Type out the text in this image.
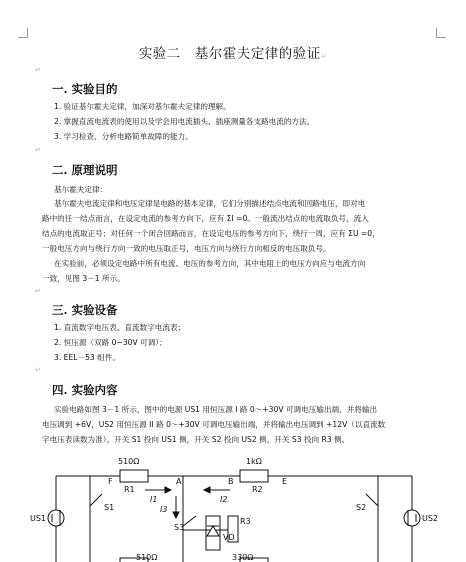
实验二　基尔霍夫定律的验证↵
↵
一. 实验目的
1. 验证基尔霍夫定律，加深对基尔霍夫定律的理解。
2. 掌握直流电流表的使用以及学会用电流插头、插座测量各支路电流的方法。
3. 学习检查、分析电路简单故障的能力。
↵
二. 原理说明
基尔霍夫定律：
基尔霍夫电流定律和电压定律是电路的基本定律，它们分别描述结点电流和回路电压，即对电
路中的任一结点而言，在设定电流的参考方向下，应有 ΣI =0。一般流出结点的电流取负号，流入
结点的电流取正号；对任何一个闭合回路而言，在设定电压的参考方向下，绕行一周，应有 ΣU =0，
一般电压方向与绕行方向一致的电压取正号，电压方向与绕行方向相反的电压取负号。
在实验前，必须设定电路中所有电流、电压的参考方向，其中电阻上的电压方向应与电流方向
一致，见图 3－1 所示。
↵
三. 实验设备
1. 直流数字电压表、直流数字电流表；
2. 恒压源（双路 0~30V 可调）；
3. EEL－53 组件。
↵
四. 实验内容
实验电路如图 3－1 所示，图中的电源 US1 用恒压源 I 路 0～+30V 可调电压输出端，并将输出
电压调到 +6V，US2 用恒压源 II 路 0～+30V 可调电压输出端，并将输出电压调到 +12V（以直流数
字电压表读数为准）。开关 S1 投向 US1 侧，开关 S2 投向 US2 侧，开关 S3 投向 R3 侧。
510Ω	1kΩ
F
R1
A
R2
B	E
I1	I2
I3
S1	S2
S3
VD
R3
US1	US2
510Ω	330Ω
